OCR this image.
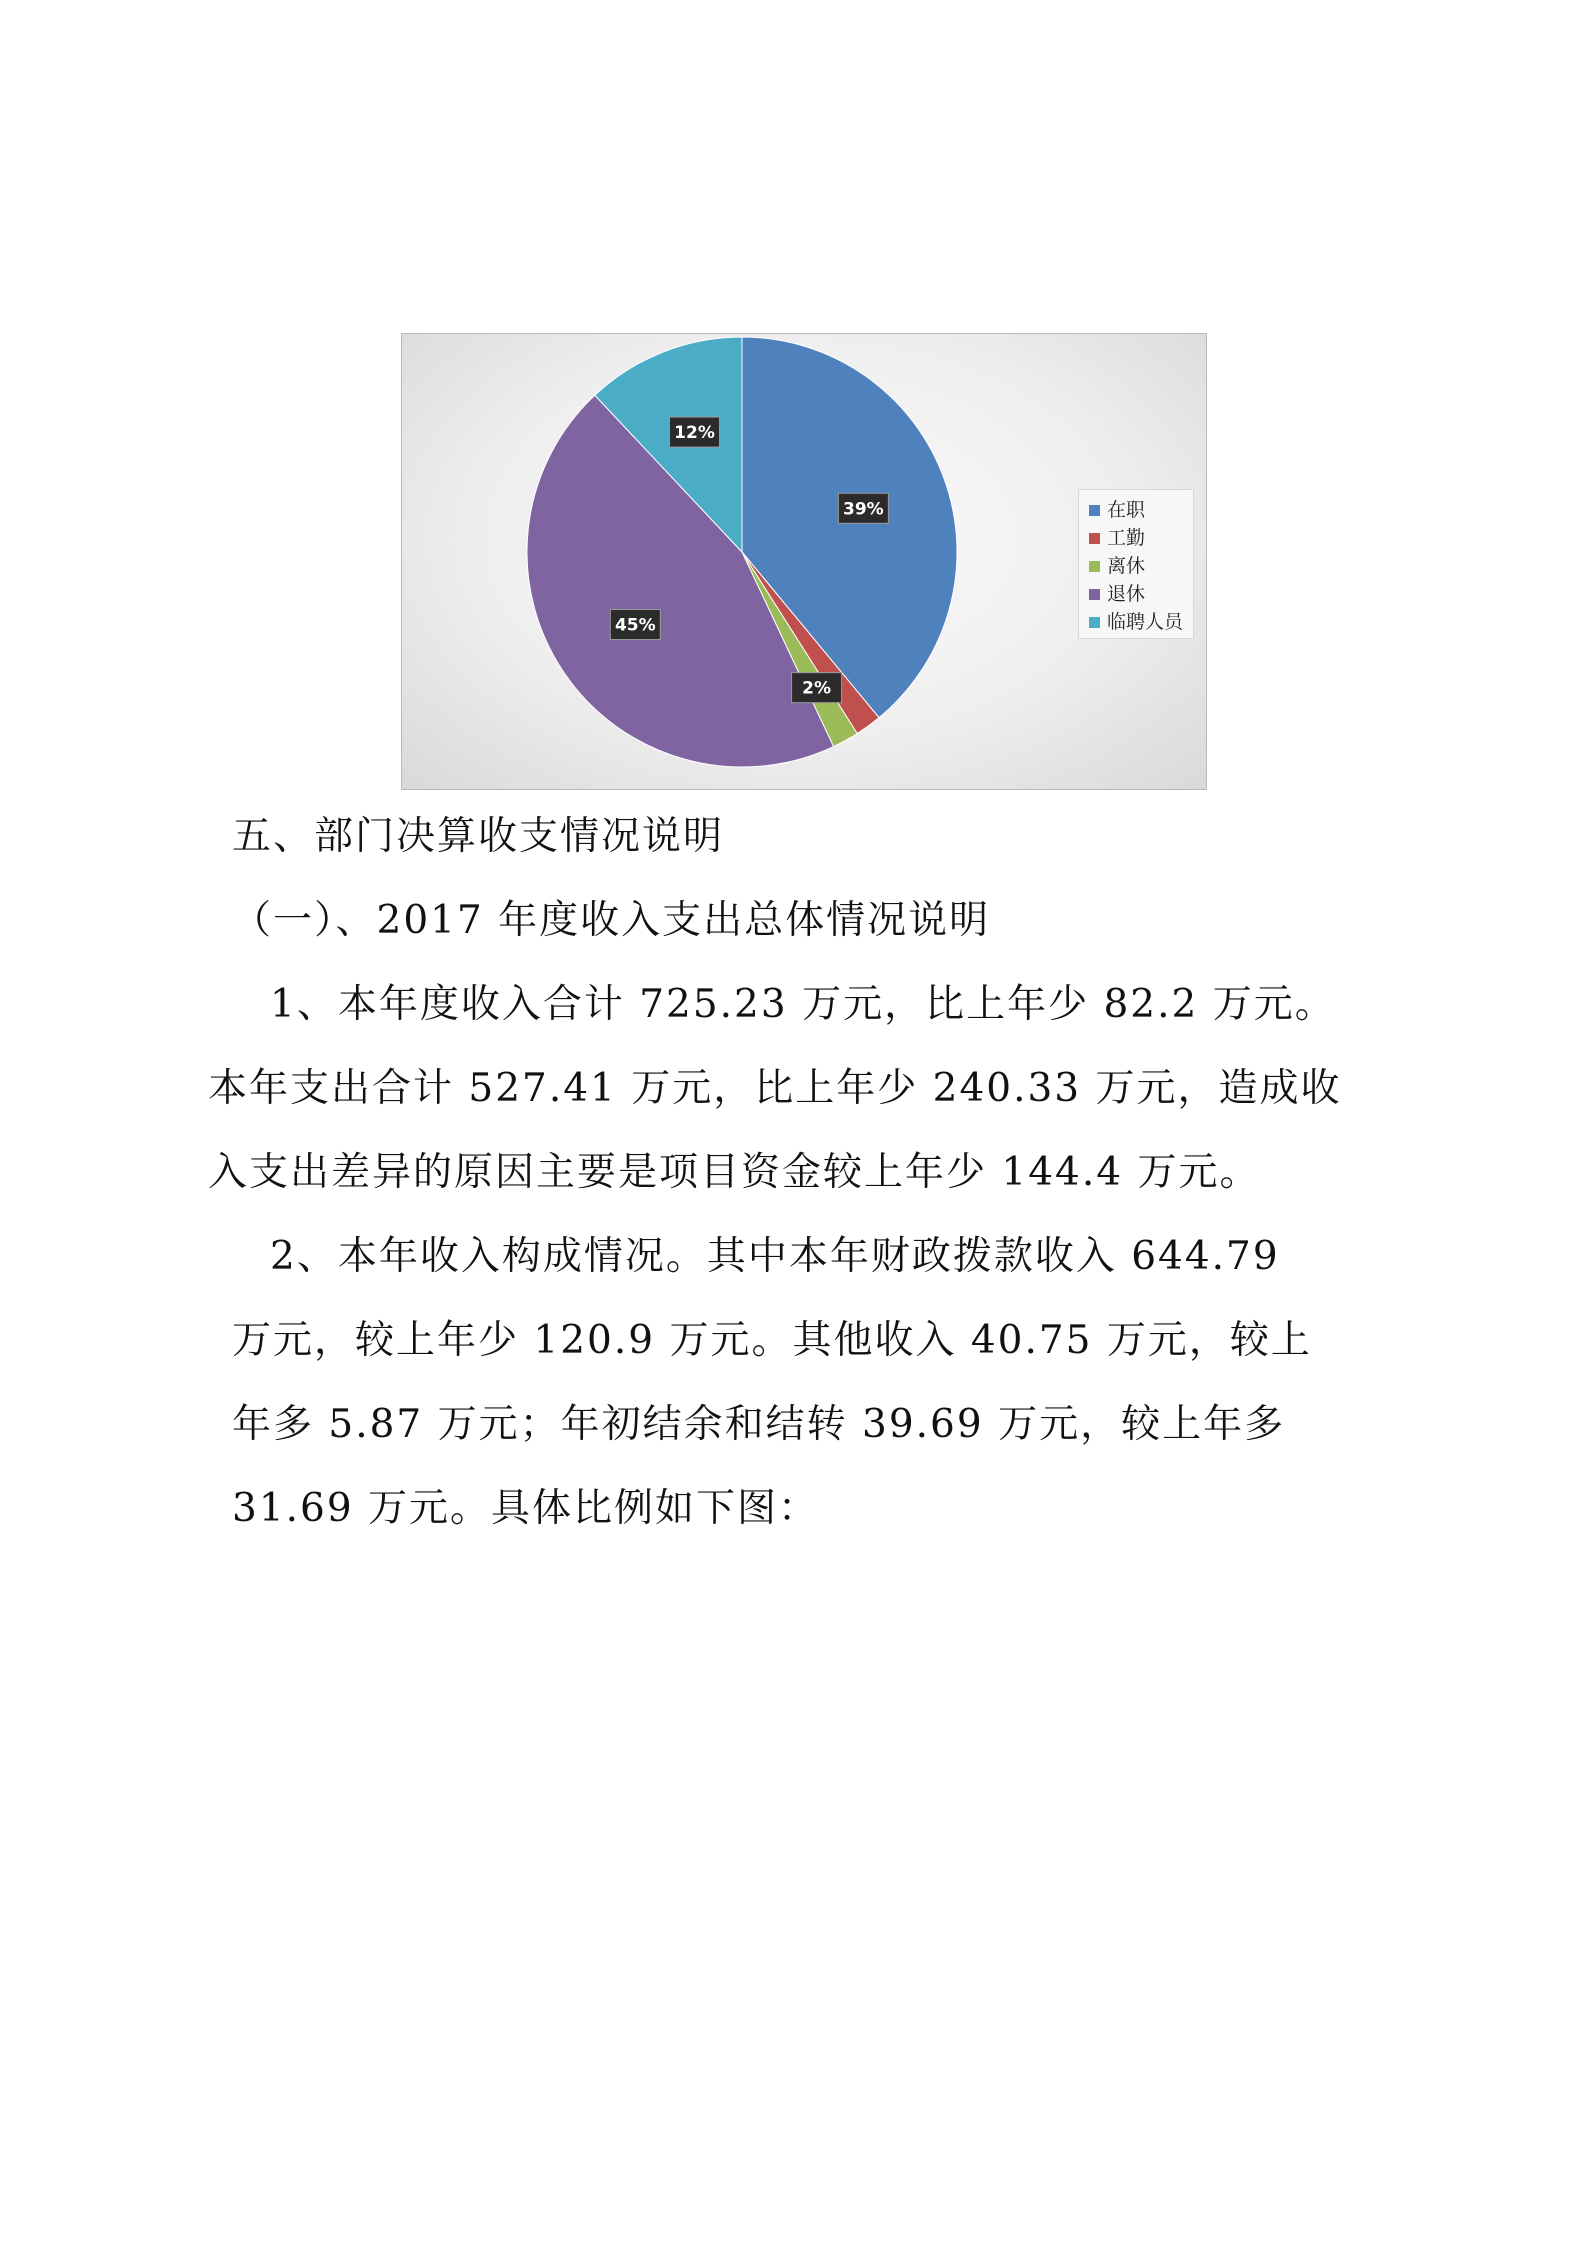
39%
2%
45%
12%
在职
工勤
离休
退休
临聘人员
五、部门决算收支情况说明
（一）、2017 年度收入支出总体情况说明
1、本年度收入合计 725.23 万元，比上年少 82.2 万元。
本年支出合计 527.41 万元，比上年少 240.33 万元，造成收
入支出差异的原因主要是项目资金较上年少 144.4 万元。
2、本年收入构成情况。其中本年财政拨款收入 644.79
万元，较上年少 120.9 万元。其他收入 40.75 万元，较上
年多 5.87 万元；年初结余和结转 39.69 万元，较上年多
31.69 万元。具体比例如下图：
